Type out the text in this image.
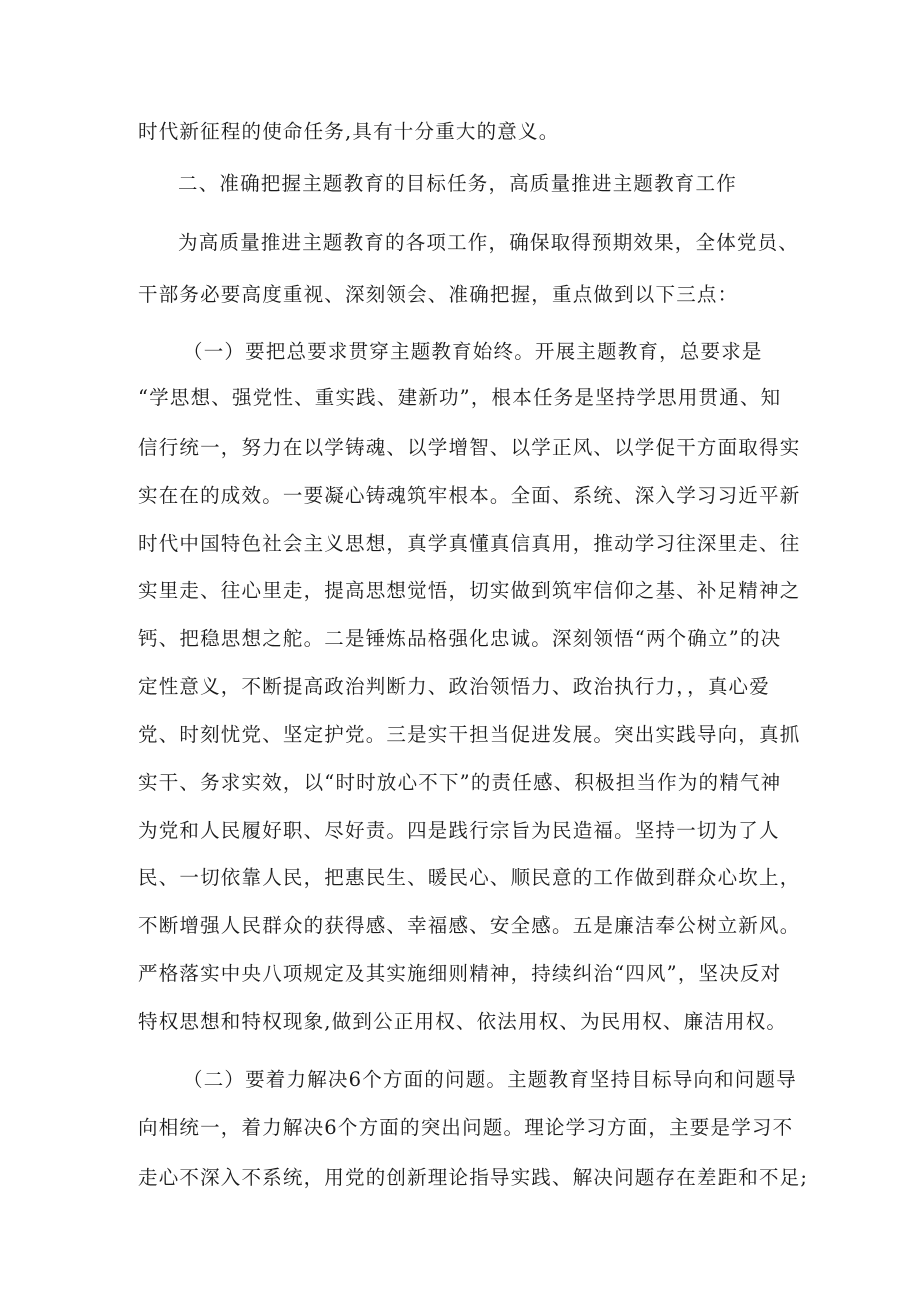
时代新征程的使命任务,具有十分重大的意义。
二、准确把握主题教育的目标任务，高质量推进主题教育工作
为高质量推进主题教育的各项工作，确保取得预期效果，全体党员、
干部务必要高度重视、深刻领会、准确把握，重点做到以下三点：
（一）要把总要求贯穿主题教育始终。开展主题教育，总要求是
“学思想、强党性、重实践、建新功”，根本任务是坚持学思用贯通、知
信行统一，努力在以学铸魂、以学增智、以学正风、以学促干方面取得实
实在在的成效。一要凝心铸魂筑牢根本。全面、系统、深入学习习近平新
时代中国特色社会主义思想，真学真懂真信真用，推动学习往深里走、往
实里走、往心里走，提高思想觉悟，切实做到筑牢信仰之基、补足精神之
钙、把稳思想之舵。二是锤炼品格强化忠诚。深刻领悟“两个确立”的决
定性意义，不断提高政治判断力、政治领悟力、政治执行力，，真心爱
党、时刻忧党、坚定护党。三是实干担当促进发展。突出实践导向，真抓
实干、务求实效，以“时时放心不下”的责任感、积极担当作为的精气神
为党和人民履好职、尽好责。四是践行宗旨为民造福。坚持一切为了人
民、一切依靠人民，把惠民生、暖民心、顺民意的工作做到群众心坎上，
不断增强人民群众的获得感、幸福感、安全感。五是廉洁奉公树立新风。
严格落实中央八项规定及其实施细则精神，持续纠治“四风”，坚决反对
特权思想和特权现象,做到公正用权、依法用权、为民用权、廉洁用权。
（二）要着力解决6个方面的问题。主题教育坚持目标导向和问题导
向相统一，着力解决6个方面的突出问题。理论学习方面，主要是学习不
走心不深入不系统，用党的创新理论指导实践、解决问题存在差距和不足;
